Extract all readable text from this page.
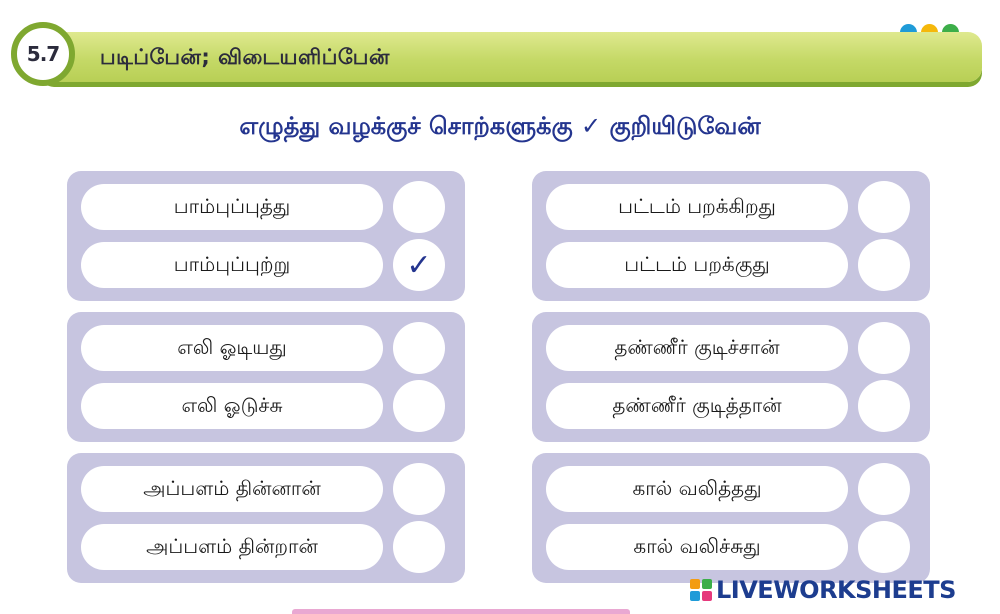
படிப்பேன்; விடையளிப்பேன்
5.7
எழுத்து வழக்குச் சொற்களுக்கு ✓ குறியிடுவேன்
பாம்புப்புத்து
பாம்புப்புற்று	✓
பட்டம் பறக்கிறது
பட்டம் பறக்குது
எலி ஓடியது
எலி ஓடுச்சு
தண்ணீர் குடிச்சான்
தண்ணீர் குடித்தான்
அப்பளம் தின்னான்
அப்பளம் தின்றான்
கால் வலித்தது
கால் வலிச்சுது
LIVEWORKSHEETS
